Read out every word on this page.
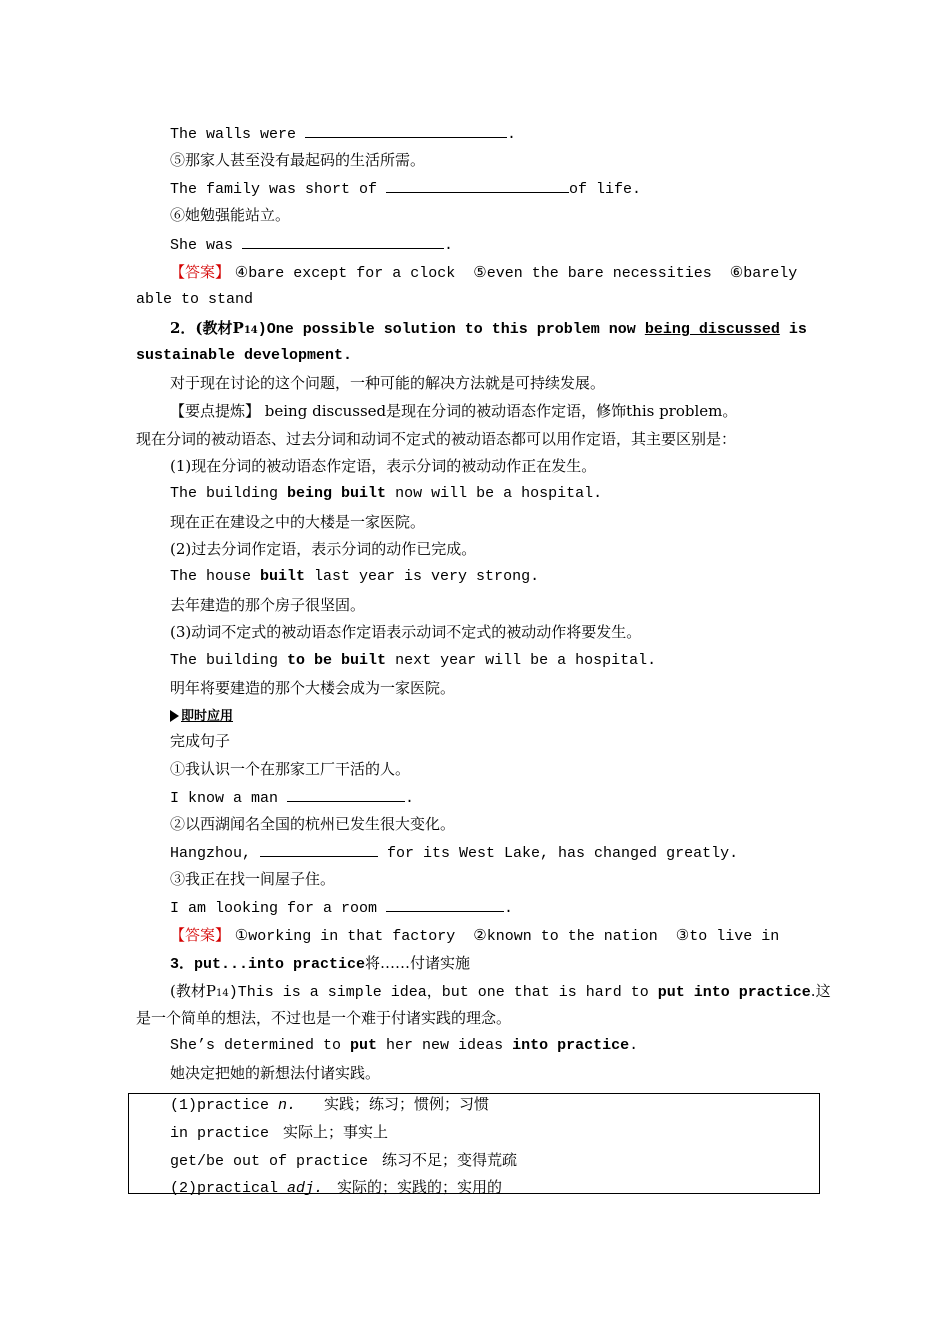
The walls were	.
⑤那家人甚至没有最起码的生活所需。
The family was short of	of life.
⑥她勉强能站立。
She was	.
【答案】 ④bare except for a clock  ⑤even the bare necessities  ⑥barely
able to stand
2．(教材P14)One possible solution to this problem now being discussed is
sustainable development.
对于现在讨论的这个问题，一种可能的解决方法就是可持续发展。
【要点提炼】 being discussed是现在分词的被动语态作定语，修饰this problem。
现在分词的被动语态、过去分词和动词不定式的被动语态都可以用作定语，其主要区别是：
(1)现在分词的被动语态作定语，表示分词的被动动作正在发生。
The building being built now will be a hospital.
现在正在建设之中的大楼是一家医院。
(2)过去分词作定语，表示分词的动作已完成。
The house built last year is very strong.
去年建造的那个房子很坚固。
(3)动词不定式的被动语态作定语表示动词不定式的被动动作将要发生。
The building to be built next year will be a hospital.
明年将要建造的那个大楼会成为一家医院。
即时应用
完成句子
①我认识一个在那家工厂干活的人。
I know a man	.
②以西湖闻名全国的杭州已发生很大变化。
Hangzhou,	for its West Lake, has changed greatly.
③我正在找一间屋子住。
I am looking for a room	.
【答案】 ①working in that factory  ②known to the nation  ③to live in
3．put...into practice将……付诸实施
(教材P14)This is a simple idea，but one that is hard to put into practice.这
是一个简单的想法，不过也是一个难于付诸实践的理念。
She’s determined to put her new ideas into practice.
她决定把她的新想法付诸实践。
(1)practice n. 实践；练习；惯例；习惯
in practice 实际上；事实上
get/be out of practice 练习不足；变得荒疏
(2)practical adj. 实际的；实践的；实用的
